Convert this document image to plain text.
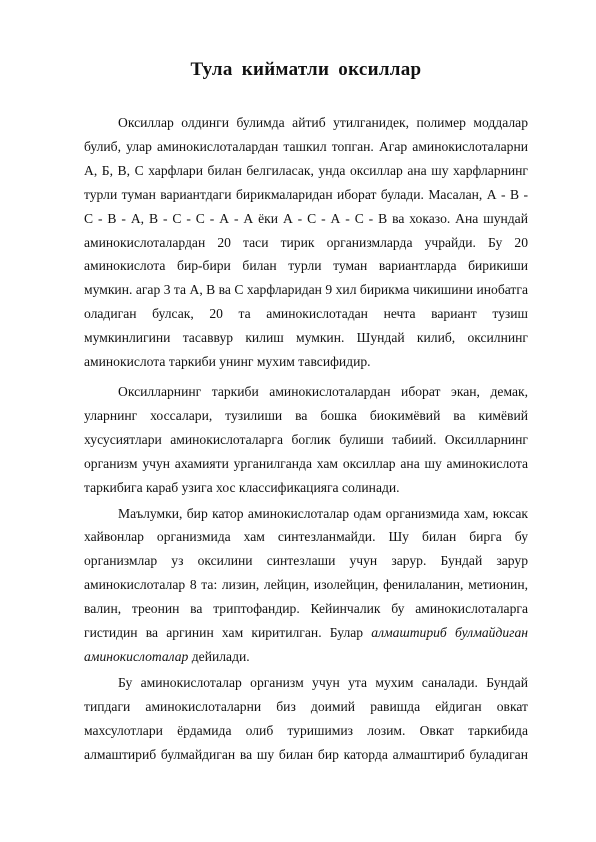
Тула кийматли оксиллар

Оксиллар олдинги булимда айтиб утилганидек, полимер моддалар булиб, улар аминокислоталардан ташкил топган. Агар аминокислоталарни А, Б, В, С харфлари билан белгиласак, унда оксиллар ана шу харфларнинг турли туман вариантдаги бирикмаларидан иборат булади. Масалан, А - В - С - В - А, В - С - С - А - А ёки А - С - А - С - В ва хоказо. Ана шундай аминокислоталардан 20 таси тирик организмларда учрайди. Бу 20 аминокислота бир-бири билан турли туман вариантларда бирикиши мумкин. агар 3 та А, В ва С харфларидан 9 хил бирикма чикишини инобатга оладиган булсак, 20 та аминокислотадан нечта вариант тузиш мумкинлигини тасаввур килиш мумкин. Шундай килиб, оксилнинг аминокислота таркиби унинг мухим тавсифидир.

Оксилларнинг таркиби аминокислоталардан иборат экан, демак, уларнинг хоссалари, тузилиши ва бошка биокимёвий ва кимёвий хусусиятлари аминокислоталарга боглик булиши табиий. Оксилларнинг организм учун ахамияти урганилганда хам оксиллар ана шу аминокислота таркибига караб узига хос классификацияга солинади.

Маълумки, бир катор аминокислоталар одам организмида хам, юксак хайвонлар организмида хам синтезланмайди. Шу билан бирга бу организмлар уз оксилини синтезлаши учун зарур. Бундай зарур аминокислоталар 8 та: лизин, лейцин, изолейцин, фенилаланин, метионин, валин, треонин ва триптофандир. Кейинчалик бу аминокислоталарга гистидин ва аргинин хам киритилган. Булар алмаштириб булмайдиган аминокислоталар дейилади.

Бу аминокислоталар организм учун ута мухим саналади. Бундай типдаги аминокислоталарни биз доимий равишда ейдиган овкат махсулотлари ёрдамида олиб туришимиз лозим. Овкат таркибида алмаштириб булмайдиган ва шу билан бир каторда алмаштириб буладиган
